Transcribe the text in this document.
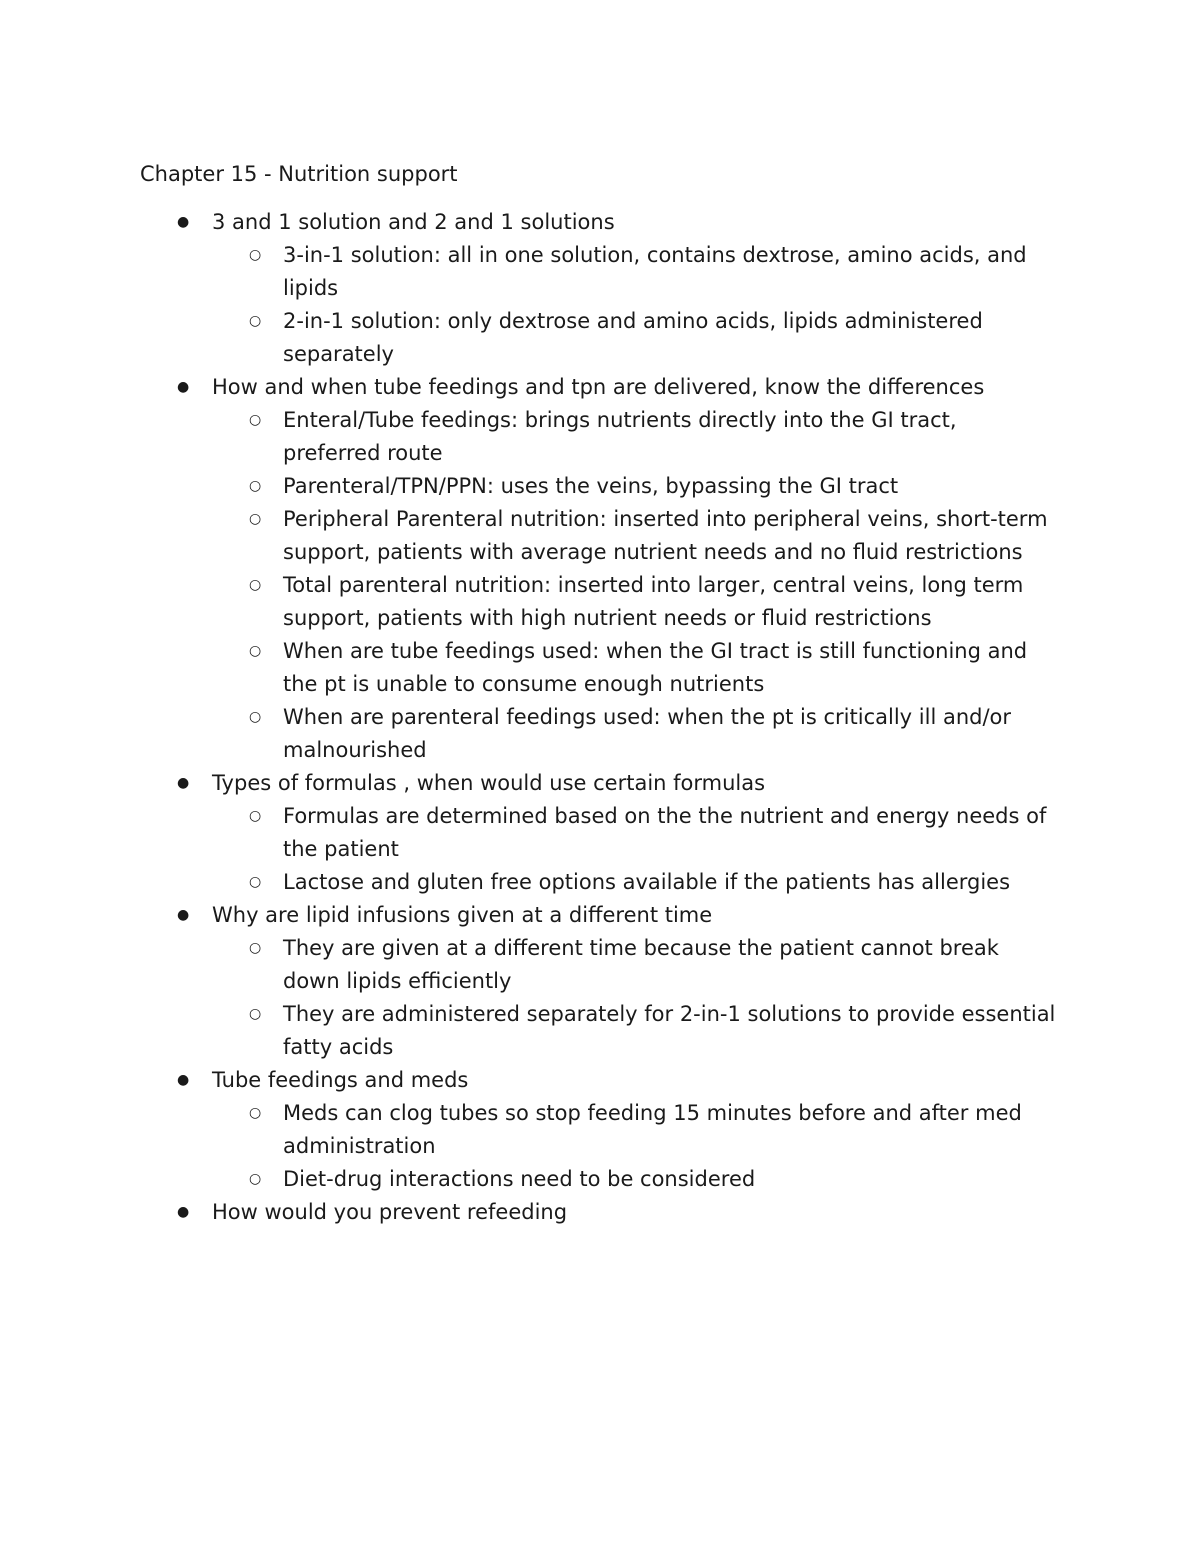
Chapter 15 - Nutrition support
● 3 and 1 solution and 2 and 1 solutions
○ 3-in-1 solution: all in one solution, contains dextrose, amino acids, and lipids
○ 2-in-1 solution: only dextrose and amino acids, lipids administered separately
● How and when tube feedings and tpn are delivered, know the differences
○ Enteral/Tube feedings: brings nutrients directly into the GI tract, preferred route
○ Parenteral/TPN/PPN: uses the veins, bypassing the GI tract
○ Peripheral Parenteral nutrition: inserted into peripheral veins, short-term support, patients with average nutrient needs and no fluid restrictions
○ Total parenteral nutrition: inserted into larger, central veins, long term support, patients with high nutrient needs or fluid restrictions
○ When are tube feedings used: when the GI tract is still functioning and the pt is unable to consume enough nutrients
○ When are parenteral feedings used: when the pt is critically ill and/or malnourished
● Types of formulas , when would use certain formulas
○ Formulas are determined based on the the nutrient and energy needs of the patient
○ Lactose and gluten free options available if the patients has allergies
● Why are lipid infusions given at a different time
○ They are given at a different time because the patient cannot break down lipids efficiently
○ They are administered separately for 2-in-1 solutions to provide essential fatty acids
● Tube feedings and meds
○ Meds can clog tubes so stop feeding 15 minutes before and after med administration
○ Diet-drug interactions need to be considered
● How would you prevent refeeding
